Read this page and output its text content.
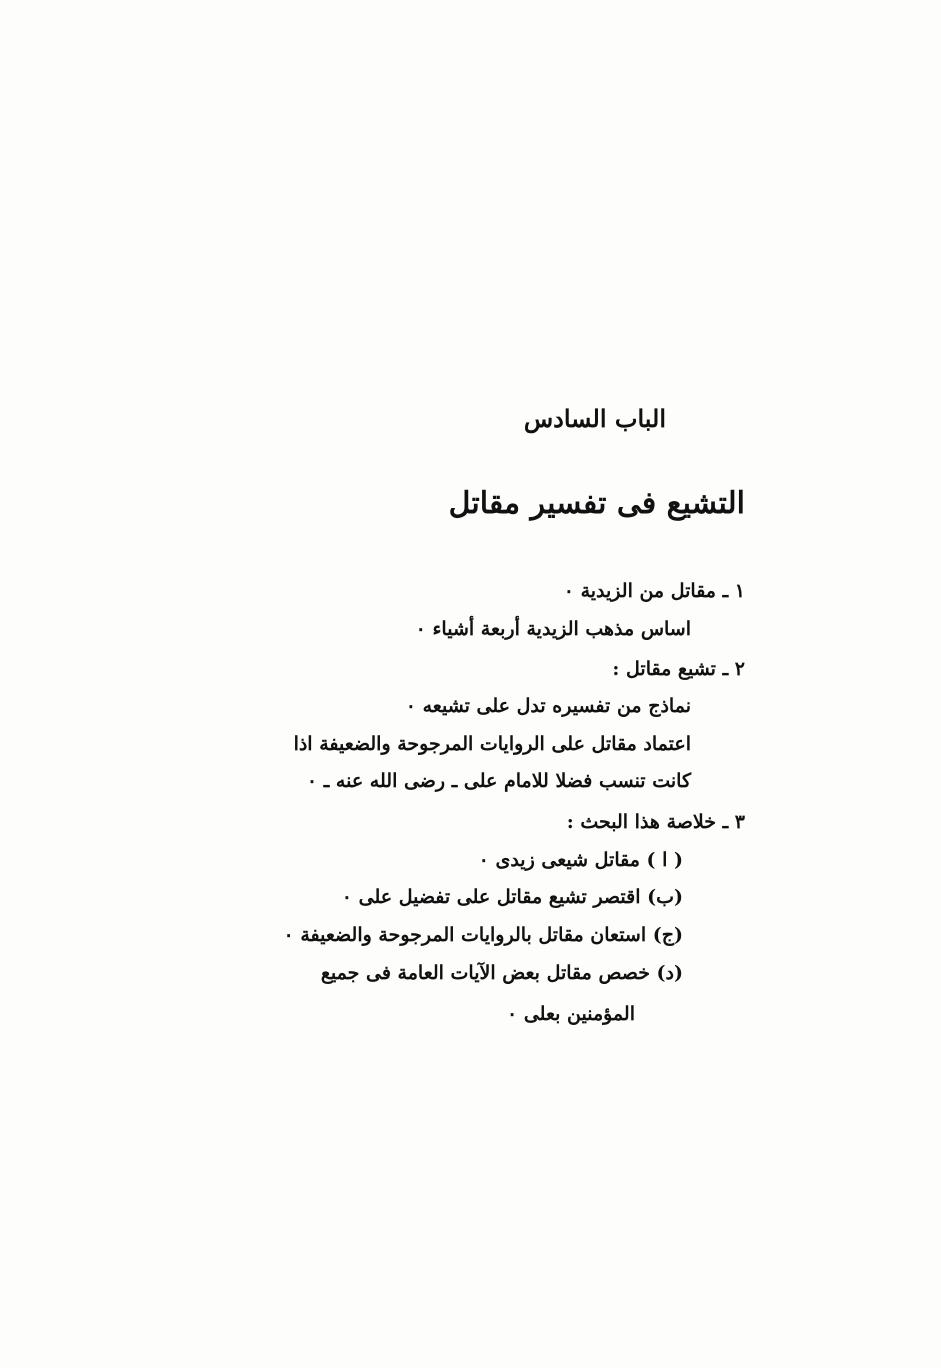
الباب السادس
التشيع فى تفسير مقاتل
١ ـ مقاتل من الزيدية ٠
اساس مذهب الزيدية أربعة أشياء ٠
٢ ـ تشيع مقاتل :
نماذج من تفسيره تدل على تشيعه ٠
اعتماد مقاتل على الروايات المرجوحة والضعيفة اذا
كانت تنسب فضلا للامام على ـ رضى الله عنه ـ ٠
٣ ـ خلاصة هذا البحث :
( ا ) مقاتل شيعى زيدى ٠
(ب) اقتصر تشيع مقاتل على تفضيل على ٠
(ج) استعان مقاتل بالروايات المرجوحة والضعيفة ٠
(د) خصص مقاتل بعض الآيات العامة فى جميع
المؤمنين بعلى ٠
